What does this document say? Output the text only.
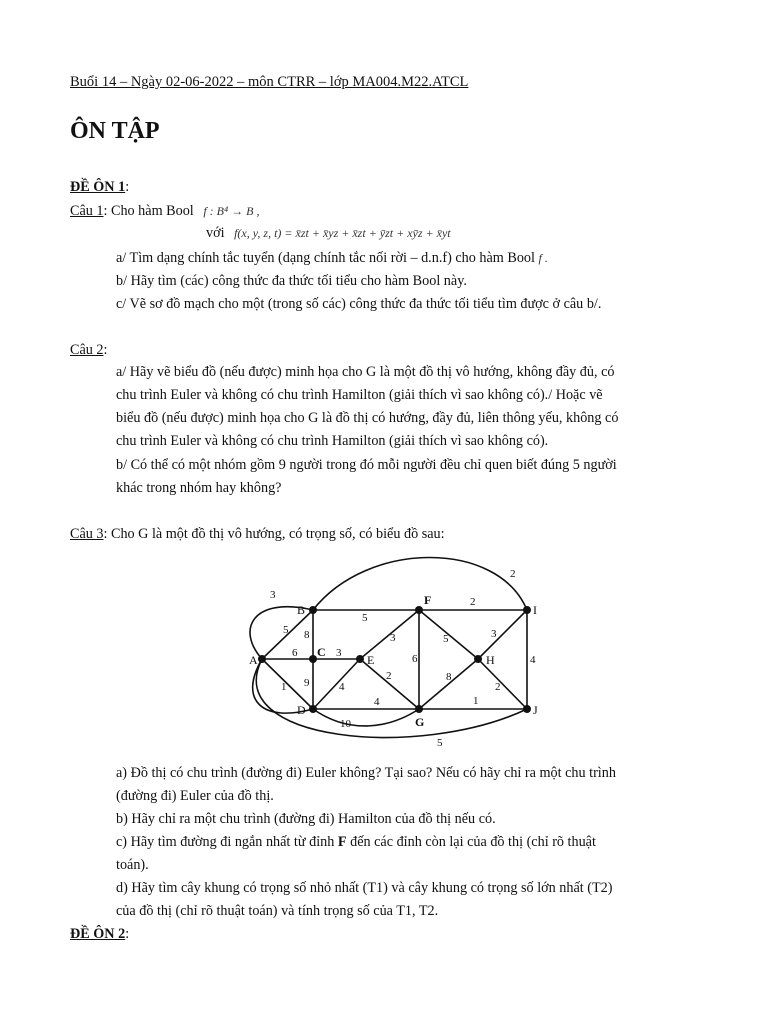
Buổi 14 – Ngày 02-06-2022 – môn CTRR – lớp MA004.M22.ATCL
ÔN TẬP
ĐỀ ÔN 1:
Câu 1: Cho hàm Bool f : B⁴ → B ,
với f(x, y, z, t) = x̄zt + x̄yz + x̄zt + ȳzt + xȳz + x̄yt
a/ Tìm dạng chính tắc tuyển (dạng chính tắc nối rời – d.n.f) cho hàm Bool f .
b/ Hãy tìm (các) công thức đa thức tối tiểu cho hàm Bool này.
c/ Vẽ sơ đồ mạch cho một (trong số các) công thức đa thức tối tiểu tìm được ở câu b/.
Câu 2:
a/ Hãy vẽ biểu đồ (nếu được) minh họa cho G là một đồ thị vô hướng, không đầy đủ, có
chu trình Euler và không có chu trình Hamilton (giải thích vì sao không có)./ Hoặc vẽ
biểu đồ (nếu được) minh họa cho G là đồ thị có hướng, đầy đủ, liên thông yếu, không có
chu trình Euler và không có chu trình Hamilton (giải thích vì sao không có).
b/ Có thể có một nhóm gồm 9 người trong đó mỗi người đều chỉ quen biết đúng 5 người
khác trong nhóm hay không?
Câu 3: Cho G là một đồ thị vô hướng, có trọng số, có biểu đồ sau:
A
B
C
D
E
F
G
H
I
J
3
5
6
1
5
8
3
9	4
4
10
3
2
6
5
2
8
1
3
2
4
2
5
a) Đồ thị có chu trình (đường đi) Euler không? Tại sao? Nếu có hãy chỉ ra một chu trình
(đường đi) Euler của đồ thị.
b) Hãy chỉ ra một chu trình (đường đi) Hamilton của đồ thị nếu có.
c) Hãy tìm đường đi ngắn nhất từ đỉnh F đến các đỉnh còn lại của đồ thị (chỉ rõ thuật
toán).
d) Hãy tìm cây khung có trọng số nhỏ nhất (T1) và cây khung có trọng số lớn nhất (T2)
của đồ thị (chỉ rõ thuật toán) và tính trọng số của T1, T2.
ĐỀ ÔN 2:
